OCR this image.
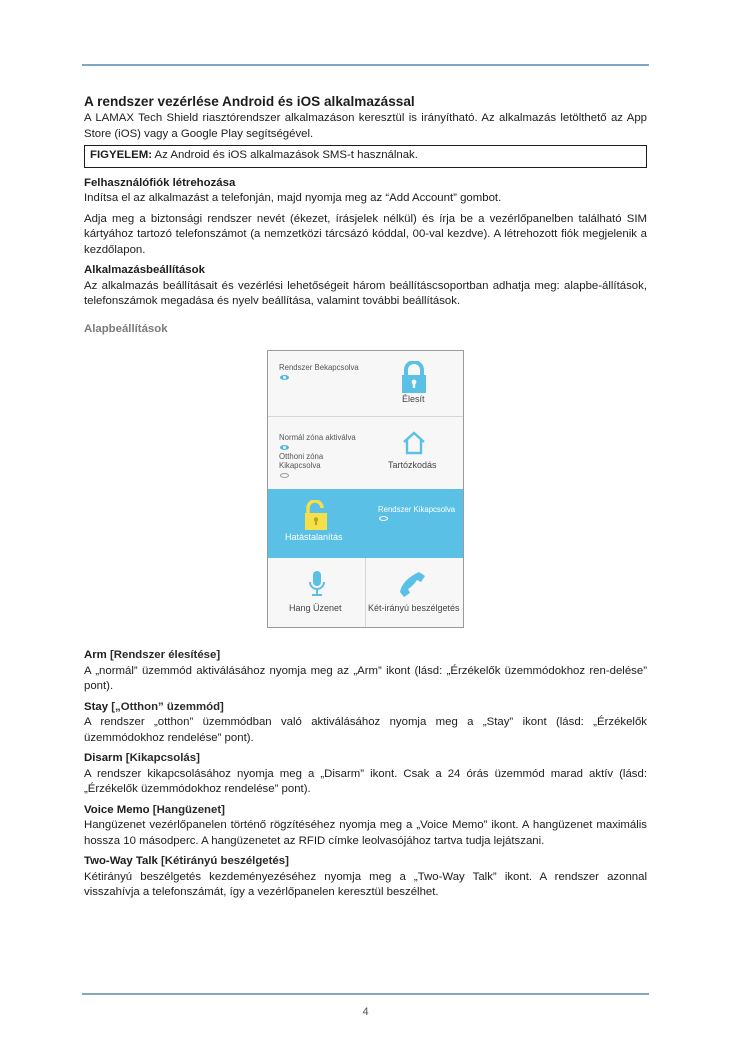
A rendszer vezérlése Android és iOS alkalmazással

A LAMAX Tech Shield riasztórendszer alkalmazáson keresztül is irányítható. Az alkalmazás letölthető az App Store (iOS) vagy a Google Play segítségével.

FIGYELEM: Az Android és iOS alkalmazások SMS-t használnak.

Felhasználófiók létrehozása

Indítsa el az alkalmazást a telefonján, majd nyomja meg az “Add Account” gombot.

Adja meg a biztonsági rendszer nevét (ékezet, írásjelek nélkül) és írja be a vezérlőpanelben található SIM kártyához tartozó telefonszámot (a nemzetközi tárcsázó kóddal, 00-val kezdve). A létrehozott fiók megjelenik a kezdőlapon.

Alkalmazásbeállítások

Az alkalmazás beállításait és vezérlési lehetőségeit három beállításcsoportban adhatja meg: alapbe-állítások, telefonszámok megadása és nyelv beállítása, valamint további beállítások.

Alapbeállítások

Rendszer Bekapcsolva
Élesít
Normál zóna aktiválva
Otthoni zóna
Kikapcsolva	Tartózkodás
Hatástalanítás
Rendszer Kikapcsolva
Hang Üzenet	Két-irányú beszélgetés

Arm [Rendszer élesítése]

A „normál” üzemmód aktiválásához nyomja meg az „Arm” ikont (lásd: „Érzékelők üzemmódokhoz ren-delése” pont).

Stay [„Otthon” üzemmód]

A rendszer „otthon” üzemmódban való aktiválásához nyomja meg a „Stay” ikont (lásd: „Érzékelők üzemmódokhoz rendelése” pont).

Disarm [Kikapcsolás]

A rendszer kikapcsolásához nyomja meg a „Disarm” ikont. Csak a 24 órás üzemmód marad aktív (lásd: „Érzékelők üzemmódokhoz rendelése” pont).

Voice Memo [Hangüzenet]

Hangüzenet vezérlőpanelen történő rögzítéséhez nyomja meg a „Voice Memo” ikont. A hangüzenet maximális hossza 10 másodperc. A hangüzenetet az RFID címke leolvasójához tartva tudja lejátszani.

Two-Way Talk [Kétirányú beszélgetés]

Kétirányú beszélgetés kezdeményezéséhez nyomja meg a „Two-Way Talk” ikont. A rendszer azonnal visszahívja a telefonszámát, így a vezérlőpanelen keresztül beszélhet.

4
